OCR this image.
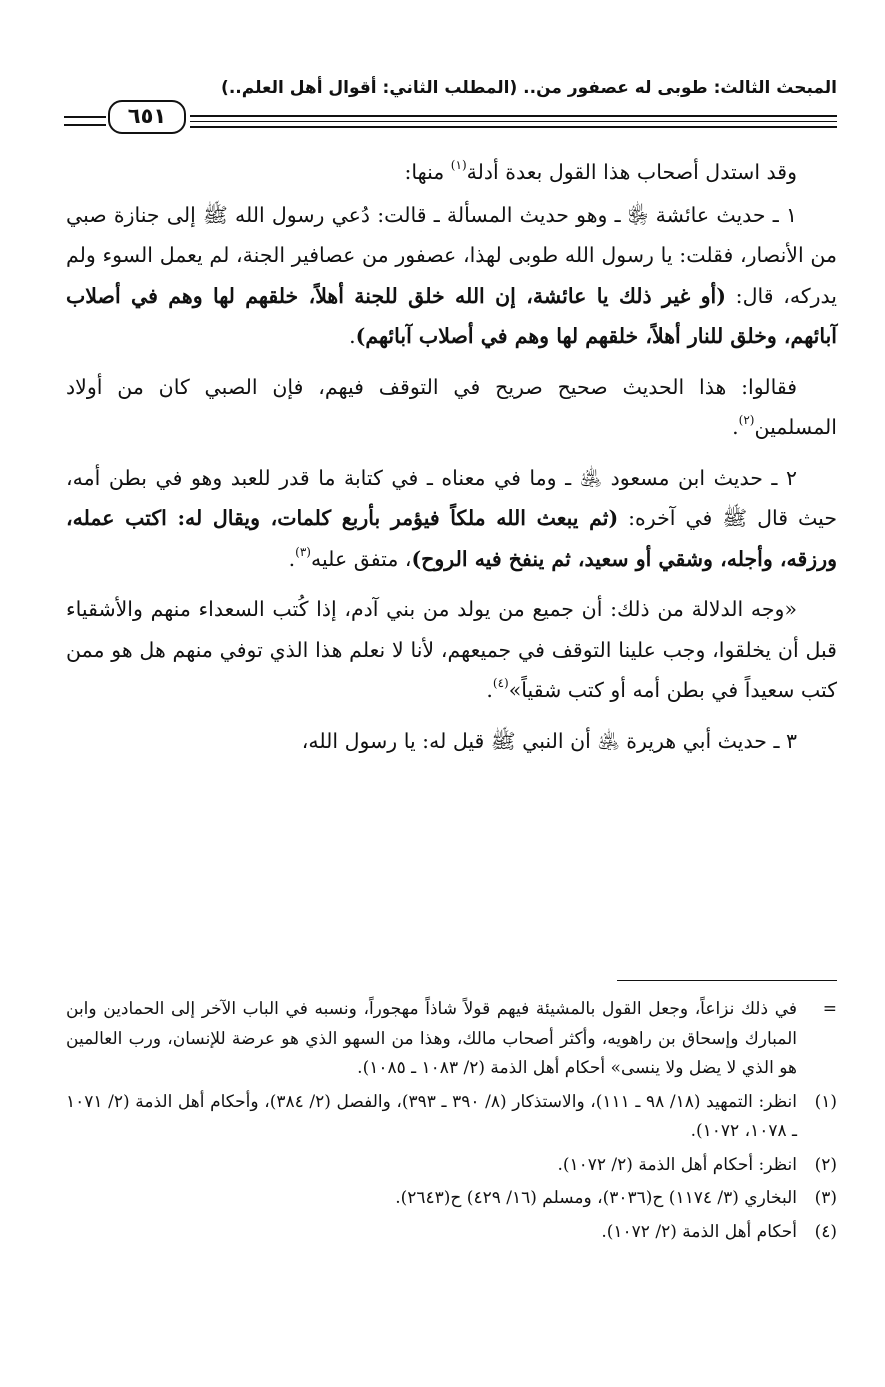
المبحث الثالث: طوبى له عصفور من.. (المطلب الثاني: أقوال أهل العلم..)
٦٥١

وقد استدل أصحاب هذا القول بعدة أدلة$^{(١)}$ منها:

١ ـ حديث عائشة ﵂ ـ وهو حديث المسألة ـ قالت: دُعي رسول الله ﷺ إلى جنازة صبي من الأنصار، فقلت: يا رسول الله طوبى لهذا، عصفور من عصافير الجنة، لم يعمل السوء ولم يدركه، قال: (أو غير ذلك يا عائشة، إن الله خلق للجنة أهلاً، خلقهم لها وهم في أصلاب آبائهم، وخلق للنار أهلاً، خلقهم لها وهم في أصلاب آبائهم).

فقالوا: هذا الحديث صحيح صريح في التوقف فيهم، فإن الصبي كان من أولاد المسلمين$^{(٢)}$.

٢ ـ حديث ابن مسعود ﵁ ـ وما في معناه ـ في كتابة ما قدر للعبد وهو في بطن أمه، حيث قال ﷺ في آخره: (ثم يبعث الله ملكاً فيؤمر بأربع كلمات، ويقال له: اكتب عمله، ورزقه، وأجله، وشقي أو سعيد، ثم ينفخ فيه الروح)، متفق عليه$^{(٣)}$.

«وجه الدلالة من ذلك: أن جميع من يولد من بني آدم، إذا كُتب السعداء منهم والأشقياء قبل أن يخلقوا، وجب علينا التوقف في جميعهم، لأنا لا نعلم هذا الذي توفي منهم هل هو ممن كتب سعيداً في بطن أمه أو كتب شقياً»$^{(٤)}$.

٣ ـ حديث أبي هريرة ﵁ أن النبي ﷺ قيل له: يا رسول الله،

=
في ذلك نزاعاً، وجعل القول بالمشيئة فيهم قولاً شاذاً مهجوراً، ونسبه في الباب الآخر إلى الحمادين وابن المبارك وإسحاق بن راهويه، وأكثر أصحاب مالك، وهذا من السهو الذي هو عرضة للإنسان، ورب العالمين هو الذي لا يضل ولا ينسى» أحكام أهل الذمة (٢/ ١٠٨٣ ـ ١٠٨٥).
(١)
انظر: التمهيد (١٨/ ٩٨ ـ ١١١)، والاستذكار (٨/ ٣٩٠ ـ ٣٩٣)، والفصل (٢/ ٣٨٤)، وأحكام أهل الذمة (٢/ ١٠٧١ ـ ١٠٧٨، ١٠٧٢).
(٢)
انظر: أحكام أهل الذمة (٢/ ١٠٧٢).
(٣)
البخاري (٣/ ١١٧٤) ح(٣٠٣٦)، ومسلم (١٦/ ٤٢٩) ح(٢٦٤٣).
(٤)
أحكام أهل الذمة (٢/ ١٠٧٢).
